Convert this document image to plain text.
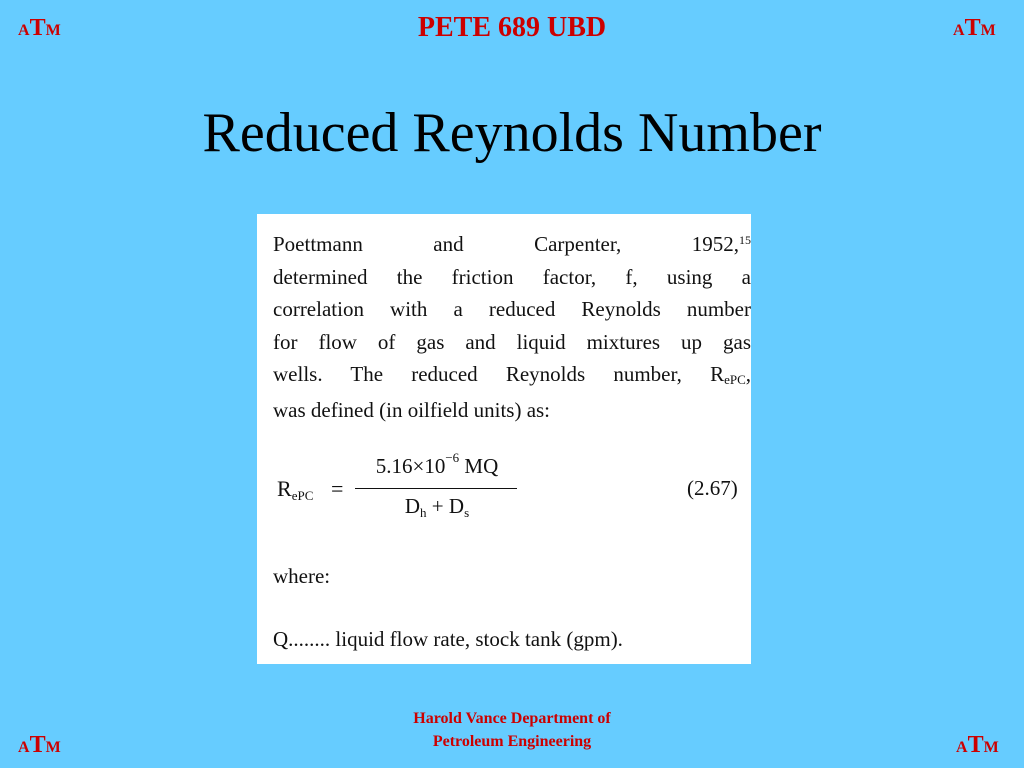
ATM	ATM
ATM	ATM
PETE 689 UBD
Reduced Reynolds Number
Poettmann and Carpenter, 1952,15
determined the friction factor, f, using a
correlation with a reduced Reynolds number
for flow of gas and liquid mixtures up gas
wells. The reduced Reynolds number, $R_{ePC}$,
was defined (in oilfield units) as:
$R_{ePC}$ =
$5.16\times 10^{-6}$ MQ
$D_h + D_s$
(2.67)
where:
Q........ liquid flow rate, stock tank (gpm).
Harold Vance Department of
Petroleum Engineering
